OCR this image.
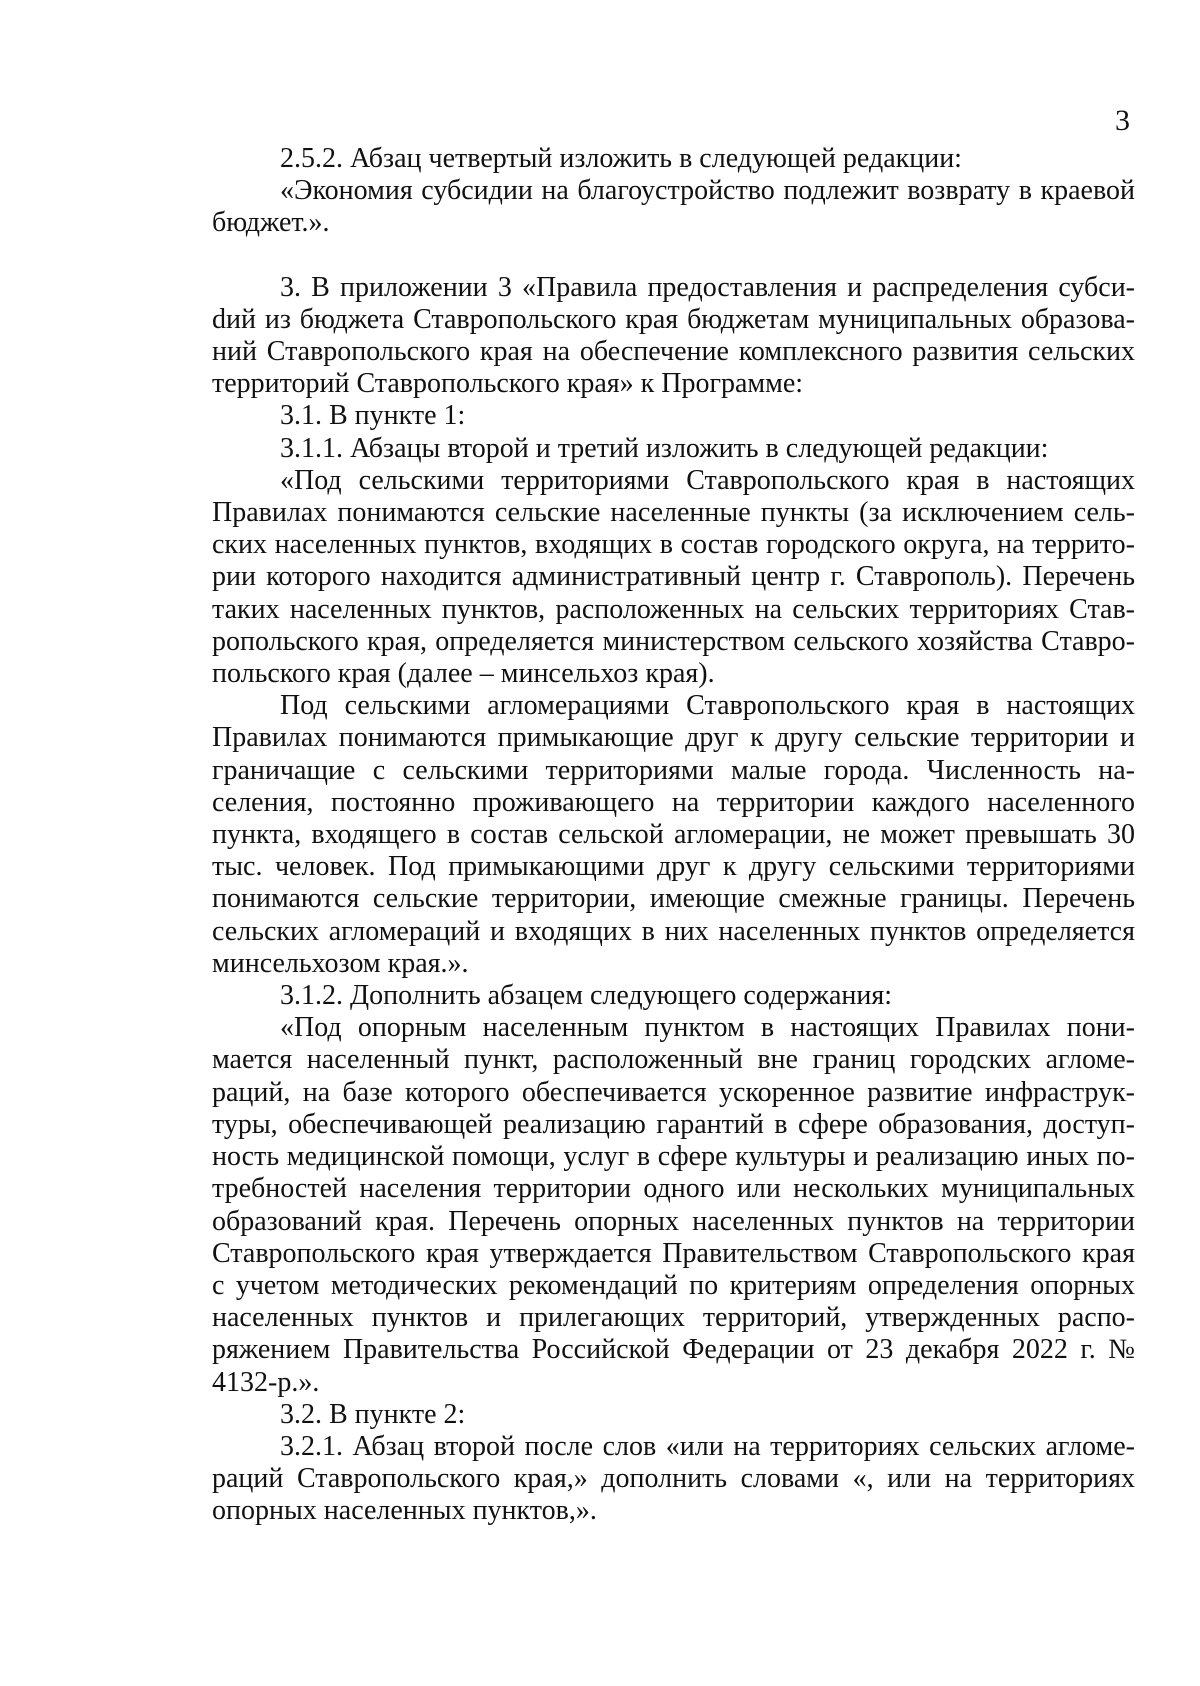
3

2.5.2. Абзац четвертый изложить в следующей редакции:

«Экономия субсидии на благоустройство подлежит возврату в краевой бюджет.».

3. В приложении 3 «Правила предоставления и распределения субсиdий из бюджета Ставропольского края бюджетам муниципальных образований Ставропольского края на обеспечение комплексного развития сельских территорий Ставропольского края» к Программе:

3.1. В пункте 1:

3.1.1. Абзацы второй и третий изложить в следующей редакции:

«Под сельскими территориями Ставропольского края в настоящих Правилах понимаются сельские населенные пункты (за исключением сельских населенных пунктов, входящих в состав городского округа, на территории которого находится административный центр г. Ставрополь). Перечень таких населенных пунктов, расположенных на сельских территориях Ставропольского края, определяется министерством сельского хозяйства Ставропольского края (далее – минсельхоз края).

Под сельскими агломерациями Ставропольского края в настоящих Правилах понимаются примыкающие друг к другу сельские территории и граничащие с сельскими территориями малые города. Численность населения, постоянно проживающего на территории каждого населенного пункта, входящего в состав сельской агломерации, не может превышать 30 тыс. человек. Под примыкающими друг к другу сельскими территориями понимаются сельские территории, имеющие смежные границы. Перечень сельских агломераций и входящих в них населенных пунктов определяется минсельхозом края.».

3.1.2. Дополнить абзацем следующего содержания:

«Под опорным населенным пунктом в настоящих Правилах понимается населенный пункт, расположенный вне границ городских агломераций, на базе которого обеспечивается ускоренное развитие инфраструктуры, обеспечивающей реализацию гарантий в сфере образования, доступность медицинской помощи, услуг в сфере культуры и реализацию иных потребностей населения территории одного или нескольких муниципальных образований края. Перечень опорных населенных пунктов на территории Ставропольского края утверждается Правительством Ставропольского края с учетом методических рекомендаций по критериям определения опорных населенных пунктов и прилегающих территорий, утвержденных распоряжением Правительства Российской Федерации от 23 декабря 2022 г. № 4132-р.».

3.2. В пункте 2:

3.2.1. Абзац второй после слов «или на территориях сельских агломераций Ставропольского края,» дополнить словами «, или на территориях опорных населенных пунктов,».
